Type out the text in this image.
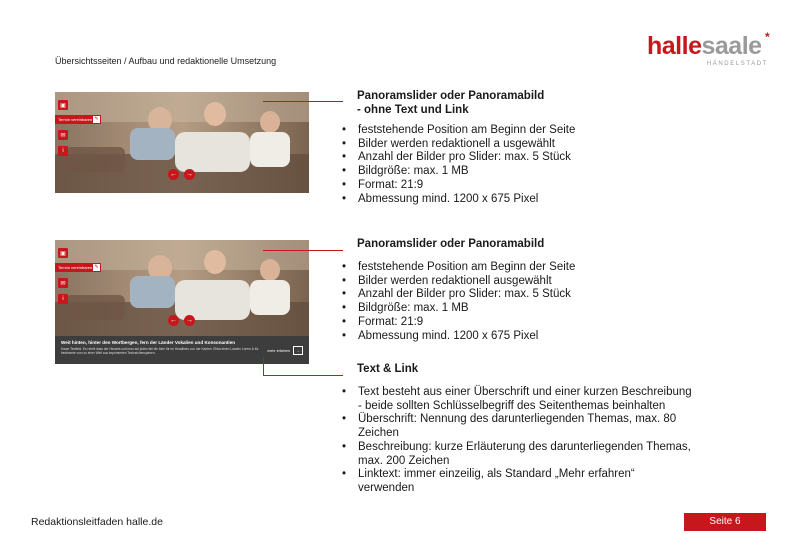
Übersichtsseiten / Aufbau und redaktionelle Umsetzung
hallesaale *
HÄNDELSTADT
▣
Termin vereinbaren ✎
✉
i
← →
Panoramslider oder Panoramabild
- ohne Text und Link
• feststehende Position am Beginn der Seite
• Bilder werden redaktionell a usgewählt
• Anzahl der Bilder pro Slider: max. 5 Stück
• Bildgröße: max. 1 MB
• Format: 21:9
• Abmessung mind. 1200 x 675 Pixel
▣
Termin vereinbaren ✎
✉
i
← →
Weit hinten, hinter den Wortbergen, fern der Länder Vokalien und Konsonantien
Kaum Textfeld. Es reicht dass der Hinweis und man auf jeden fall die Idee für en Headlines von der Kanten. Ebba einen Landen Lorem & für bestimmte vom zu einer Welt aus imprimierten Textzeichenspanen.
mehr erfahren	→
Panoramslider oder Panoramabild
• feststehende Position am Beginn der Seite
• Bilder werden redaktionell ausgewählt
• Anzahl der Bilder pro Slider: max. 5 Stück
• Bildgröße: max. 1 MB
• Format: 21:9
• Abmessung mind. 1200 x 675 Pixel
Text & Link
• Text besteht aus einer Überschrift und einer kurzen Beschreibung - beide sollten Schlüsselbegriff des Seitenthemas beinhalten
• Überschrift: Nennung des darunterliegenden Themas, max. 80 Zeichen
• Beschreibung: kurze Erläuterung des darunterliegenden Themas, max. 200 Zeichen
• Linktext: immer einzeilig, als Standard „Mehr erfahren“ verwenden
Redaktionsleitfaden halle.de	Seite 6
